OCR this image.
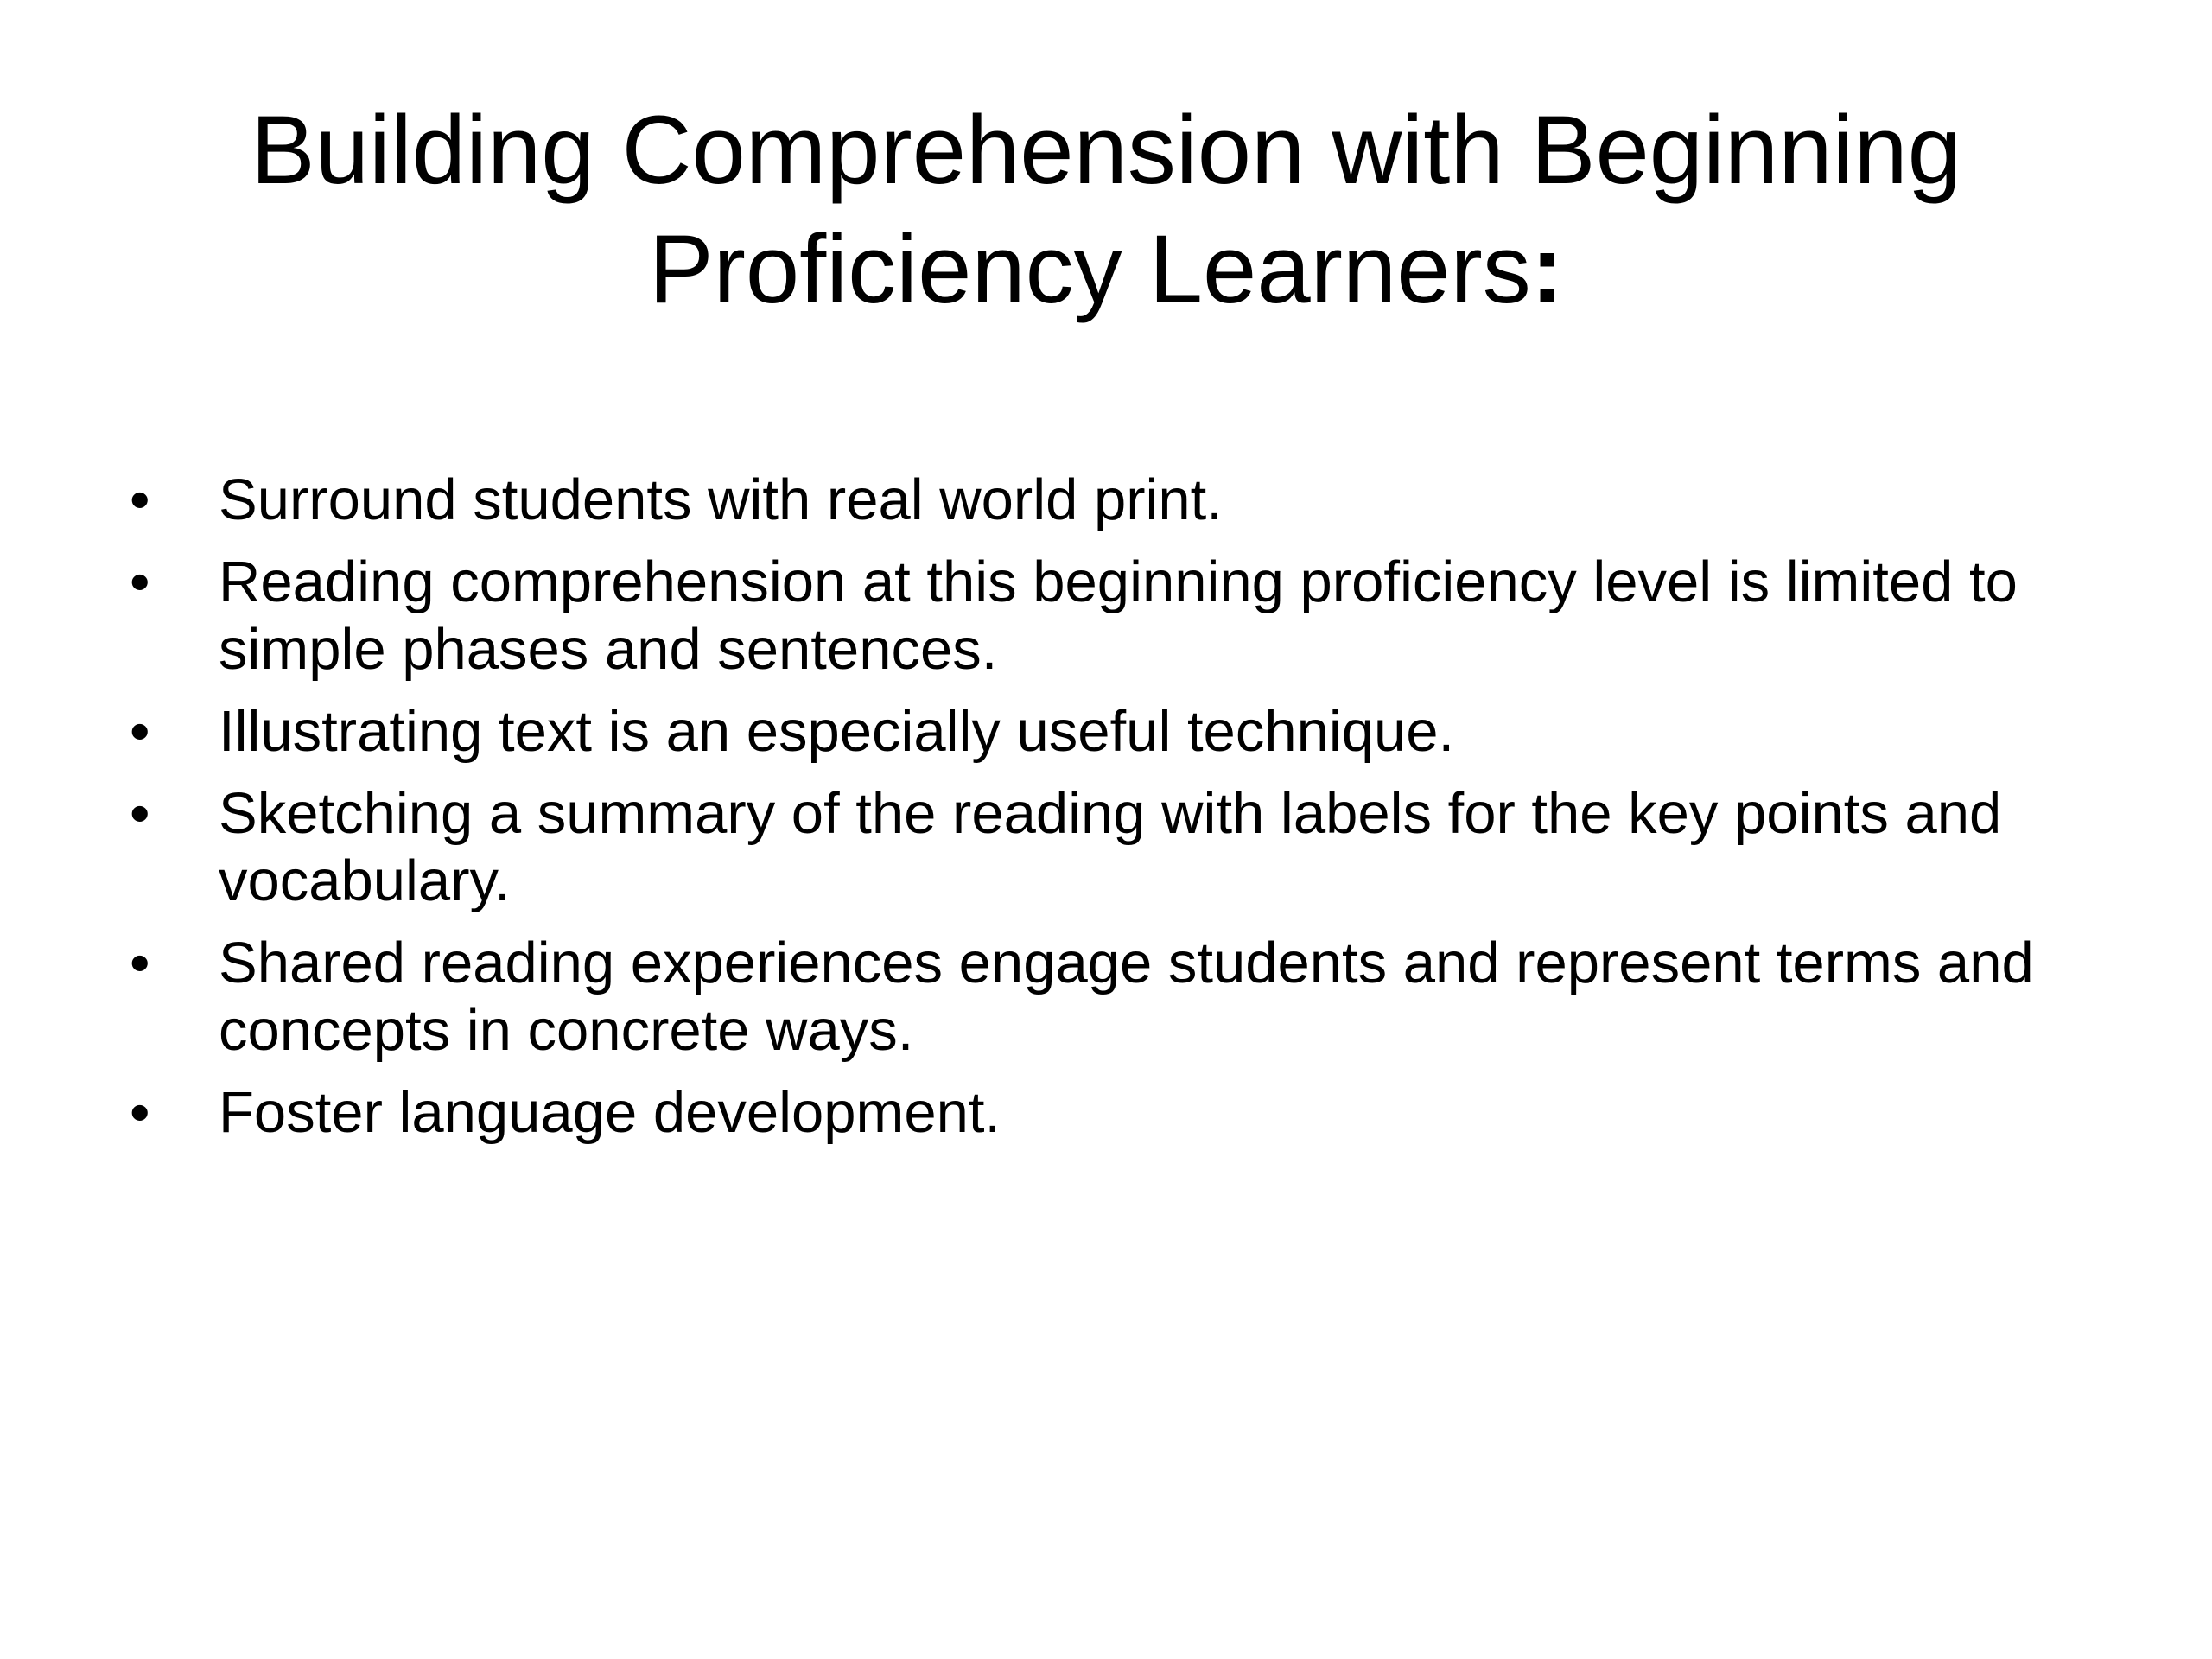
Building Comprehension with Beginning Proficiency Learners:
• Surround students with real world print.
• Reading comprehension at this beginning proficiency level is limited to simple phases and sentences.
• Illustrating text is an especially useful technique.
• Sketching a summary of the reading with labels for the key points and vocabulary.
• Shared reading experiences engage students and represent terms and concepts in concrete ways.
• Foster language development.
